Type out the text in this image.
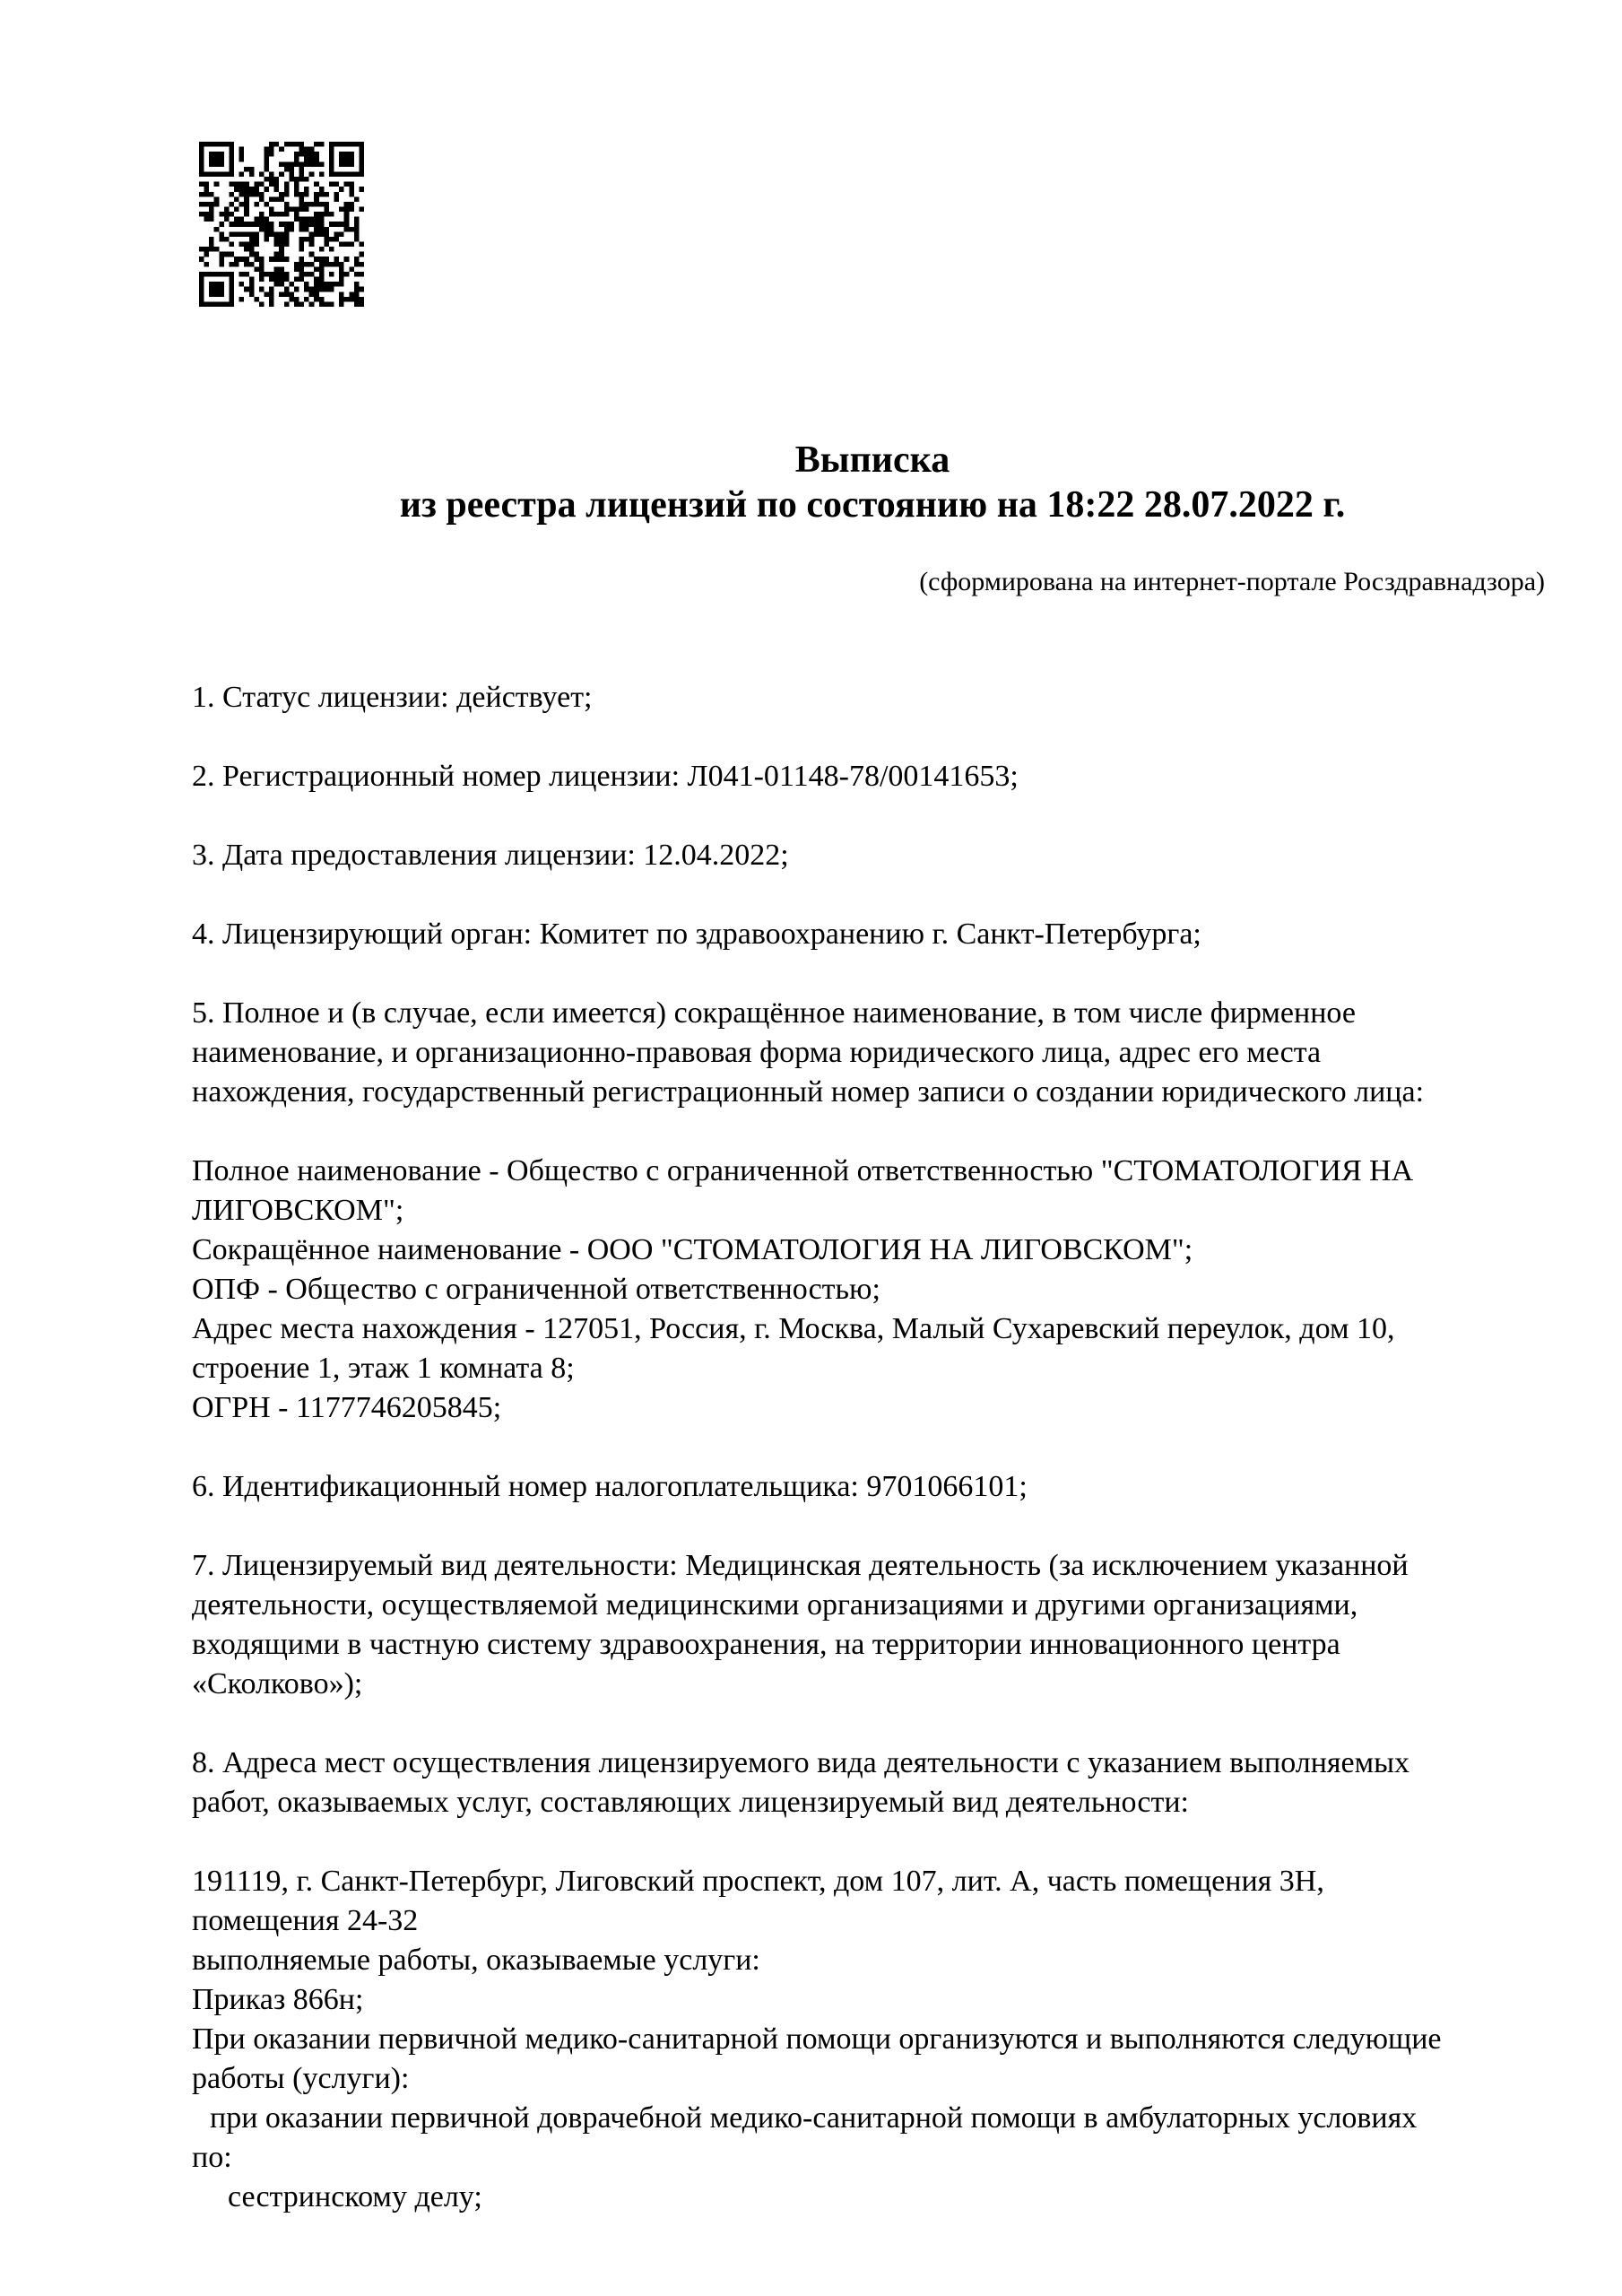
Выписка
из реестра лицензий по состоянию на 18:22 28.07.2022 г.
(сформирована на интернет-портале Росздравнадзора)
1. Статус лицензии: действует;
2. Регистрационный номер лицензии: Л041-01148-78/00141653;
3. Дата предоставления лицензии: 12.04.2022;
4. Лицензирующий орган: Комитет по здравоохранению г. Санкт-Петербурга;
5. Полное и (в случае, если имеется) сокращённое наименование, в том числе фирменное
наименование, и организационно-правовая форма юридического лица, адрес его места
нахождения, государственный регистрационный номер записи о создании юридического лица:
Полное наименование - Общество с ограниченной ответственностью "СТОМАТОЛОГИЯ НА
ЛИГОВСКОМ";
Сокращённое наименование - ООО "СТОМАТОЛОГИЯ НА ЛИГОВСКОМ";
ОПФ - Общество с ограниченной ответственностью;
Адрес места нахождения - 127051, Россия, г. Москва, Малый Сухаревский переулок, дом 10,
строение 1, этаж 1 комната 8;
ОГРН - 1177746205845;
6. Идентификационный номер налогоплательщика: 9701066101;
7. Лицензируемый вид деятельности: Медицинская деятельность (за исключением указанной
деятельности, осуществляемой медицинскими организациями и другими организациями,
входящими в частную систему здравоохранения, на территории инновационного центра
«Сколково»);
8. Адреса мест осуществления лицензируемого вида деятельности с указанием выполняемых
работ, оказываемых услуг, составляющих лицензируемый вид деятельности:
191119, г. Санкт-Петербург, Лиговский проспект, дом 107, лит. А, часть помещения 3Н,
помещения 24-32
выполняемые работы, оказываемые услуги:
Приказ 866н;
При оказании первичной медико-санитарной помощи организуются и выполняются следующие
работы (услуги):
при оказании первичной доврачебной медико-санитарной помощи в амбулаторных условиях
по:
сестринскому делу;
